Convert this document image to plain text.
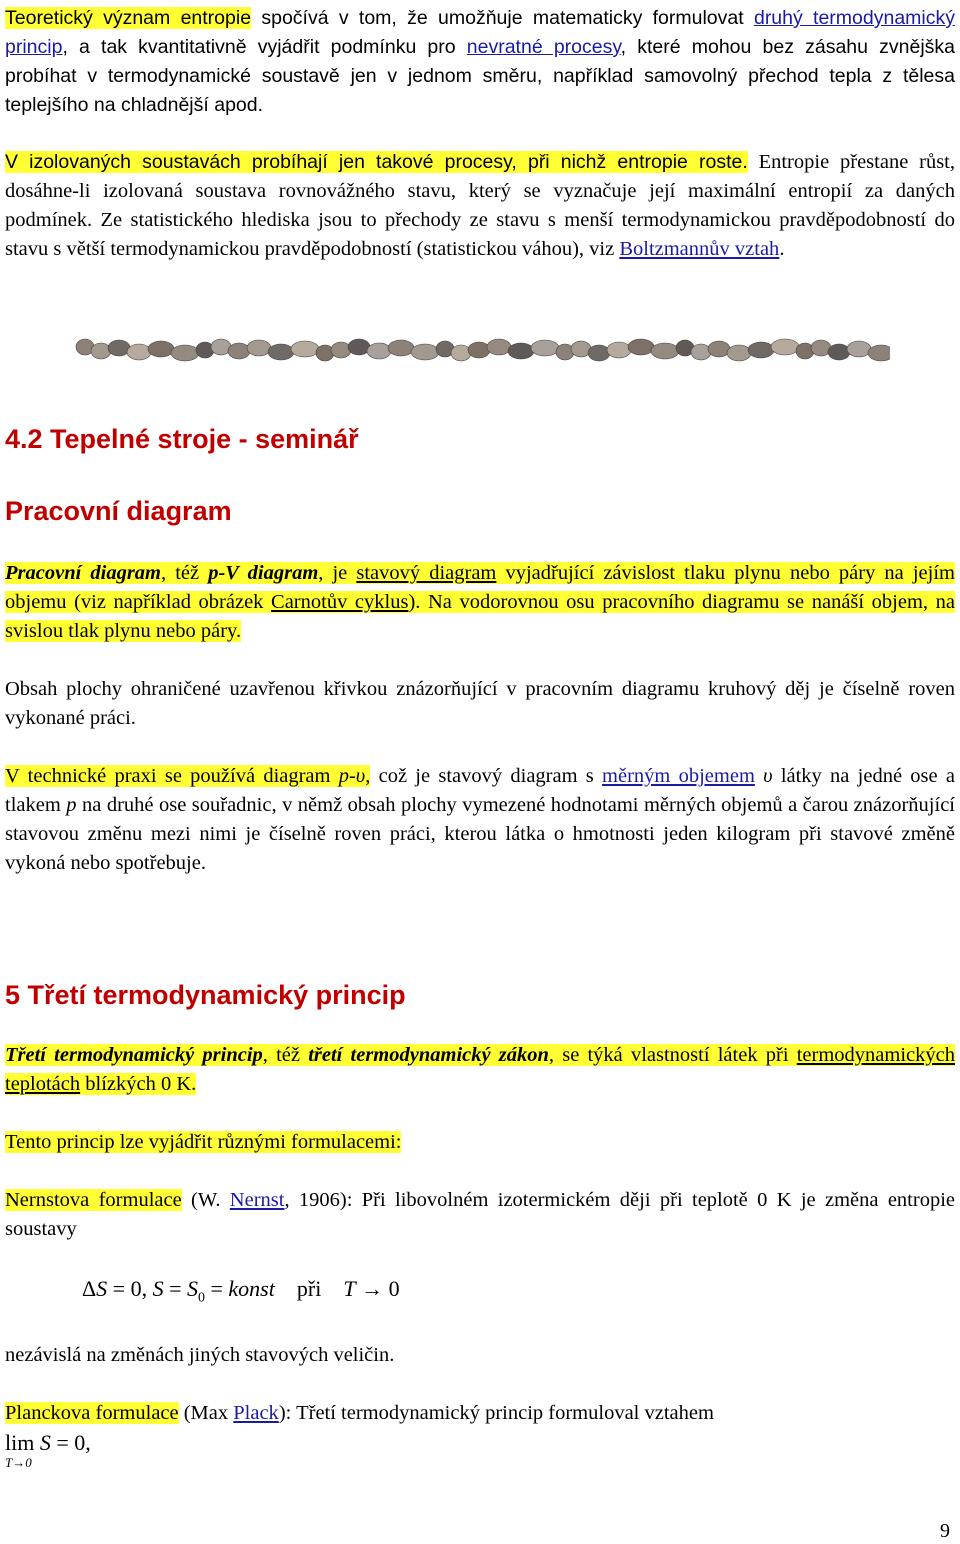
Teoretický význam entropie spočívá v tom, že umožňuje matematicky formulovat druhý termodynamický princip, a tak kvantitativně vyjádřit podmínku pro nevratné procesy, které mohou bez zásahu zvnějška probíhat v termodynamické soustavě jen v jednom směru, například samovolný přechod tepla z tělesa teplejšího na chladnější apod.

V izolovaných soustavách probíhají jen takové procesy, při nichž entropie roste. Entropie přestane růst, dosáhne-li izolovaná soustava rovnovážného stavu, který se vyznačuje její maximální entropií za daných podmínek. Ze statistického hlediska jsou to přechody ze stavu s menší termodynamickou pravděpodobností do stavu s větší termodynamickou pravděpodobností (statistickou váhou), viz Boltzmannův vztah.

4.2 Tepelné stroje - seminář
Pracovní diagram

Pracovní diagram, též p-V diagram, je stavový diagram vyjadřující závislost tlaku plynu nebo páry na jejím objemu (viz například obrázek Carnotův cyklus). Na vodorovnou osu pracovního diagramu se nanáší objem, na svislou tlak plynu nebo páry.

Obsah plochy ohraničené uzavřenou křivkou znázorňující v pracovním diagramu kruhový děj je číselně roven vykonané práci.

V technické praxi se používá diagram p-υ, což je stavový diagram s měrným objemem υ látky na jedné ose a tlakem p na druhé ose souřadnic, v němž obsah plochy vymezené hodnotami měrných objemů a čarou znázorňující stavovou změnu mezi nimi je číselně roven práci, kterou látka o hmotnosti jeden kilogram při stavové změně vykoná nebo spotřebuje.

5 Třetí termodynamický princip

Třetí termodynamický princip, též třetí termodynamický zákon, se týká vlastností látek při termodynamických teplotách blízkých 0 K.

Tento princip lze vyjádřit různými formulacemi:

Nernstova formulace (W. Nernst, 1906): Při libovolném izotermickém ději při teplotě 0 K je změna entropie soustavy

ΔS = 0, $S = S_0$ = konst    při    T → 0

nezávislá na změnách jiných stavových veličin.

Planckova formulace (Max Plack): Třetí termodynamický princip formuloval vztahem

lim S = 0,
T→0
9
